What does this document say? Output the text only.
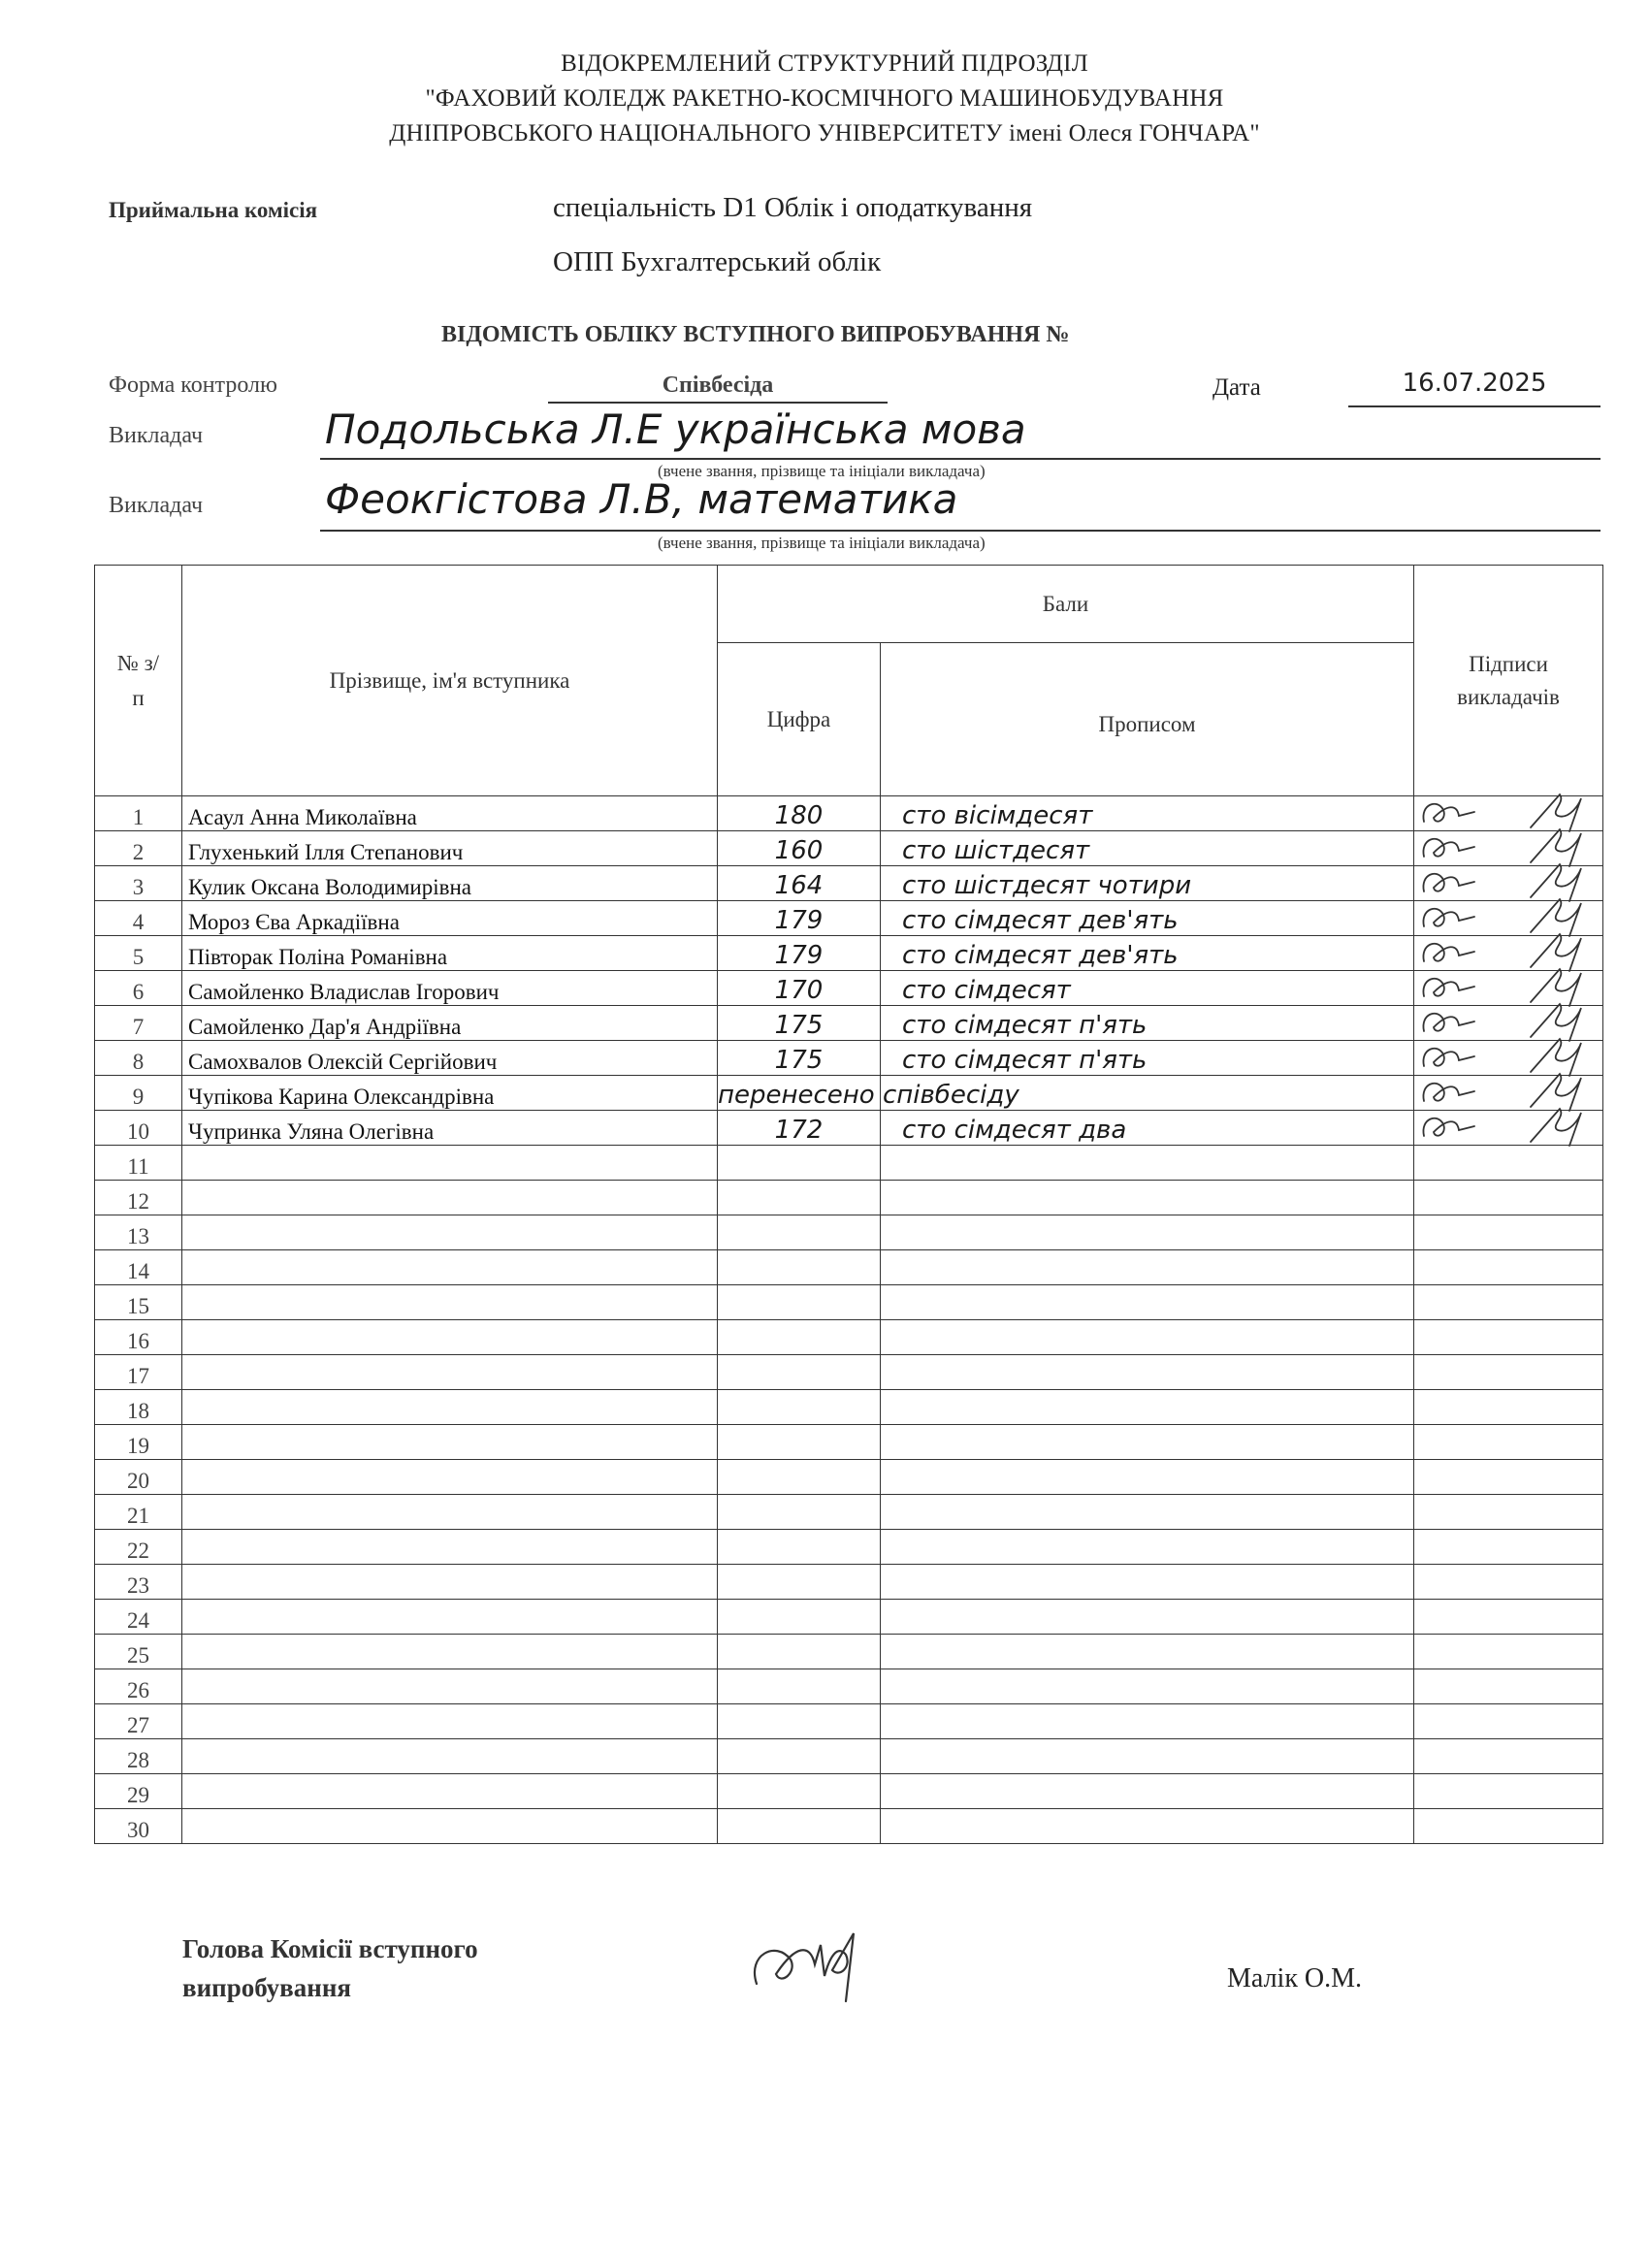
ВІДОКРЕМЛЕНИЙ СТРУКТУРНИЙ ПІДРОЗДІЛ
"ФАХОВИЙ КОЛЕДЖ РАКЕТНО-КОСМІЧНОГО МАШИНОБУДУВАННЯ
ДНІПРОВСЬКОГО НАЦІОНАЛЬНОГО УНІВЕРСИТЕТУ імені Олеся ГОНЧАРА"
Приймальна комісія	спеціальність D1 Облік і оподаткування
ОПП Бухгалтерський облік
ВІДОМІСТЬ ОБЛІКУ ВСТУПНОГО ВИПРОБУВАННЯ №
Форма контролю	Співбесіда	Дата	16.07.2025
Викладач	Подольська Л.Е українська мова
(вчене звання, прізвище та ініціали викладача)
Викладач	Феокгістова Л.В, математика
(вчене звання, прізвище та ініціали викладача)
№ з/п	Прізвище, ім'я вступника	Бали		Підписи викладачів
		Цифра	Прописом	
1	Асаул Анна Миколаївна	180	сто вісімдесят	

2	Глухенький Ілля Степанович	160	сто шістдесят	

3	Кулик Оксана Володимирівна	164	сто шістдесят чотири	

4	Мороз Єва Аркадіївна	179	сто сімдесят дев'ять	

5	Півторак Поліна Романівна	179	сто сімдесят дев'ять	

6	Самойленко Владислав Ігорович	170	сто сімдесят	

7	Самойленко Дар'я Андріївна	175	сто сімдесят п'ять	

8	Самохвалов Олексій Сергійович	175	сто сімдесят п'ять	

9	Чупікова Карина Олександрівна	перенесено співбесіду		

10	Чупринка Уляна Олегівна	172	сто сімдесят два	

11				
12				
13				
14				
15				
16				
17				
18				
19				
20				
21				
22				
23				
24				
25				
26				
27				
28				
29				
30				
Голова Комісії вступного
випробування	Малік О.М.
